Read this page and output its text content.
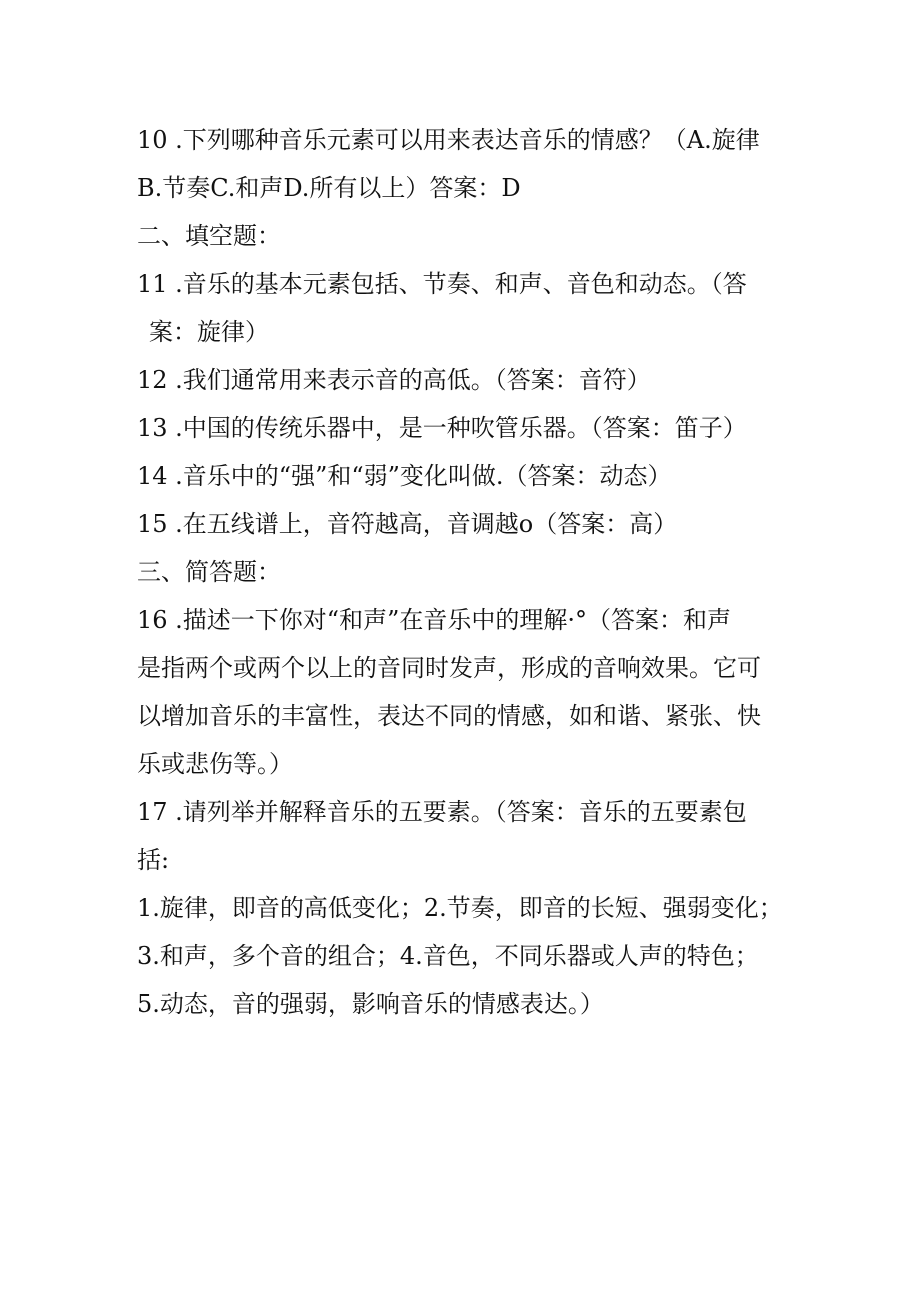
10 .下列哪种音乐元素可以用来表达音乐的情感？（A.旋律
B.节奏C.和声D.所有以上）答案：D
二、填空题：
11 .音乐的基本元素包括、节奏、和声、音色和动态。（答
案：旋律）
12 .我们通常用来表示音的高低。（答案：音符）
13 .中国的传统乐器中，是一种吹管乐器。（答案：笛子）
14 .音乐中的“强”和“弱”变化叫做.（答案：动态）
15 .在五线谱上，音符越高，音调越o（答案：高）
三、简答题：
16 .描述一下你对“和声”在音乐中的理解·°（答案：和声
是指两个或两个以上的音同时发声，形成的音响效果。它可
以增加音乐的丰富性，表达不同的情感，如和谐、紧张、快
乐或悲伤等。）
17 .请列举并解释音乐的五要素。（答案：音乐的五要素包
括:
1.旋律，即音的高低变化；2.节奏，即音的长短、强弱变化；
3.和声，多个音的组合；4.音色，不同乐器或人声的特色；
5.动态，音的强弱，影响音乐的情感表达。）
